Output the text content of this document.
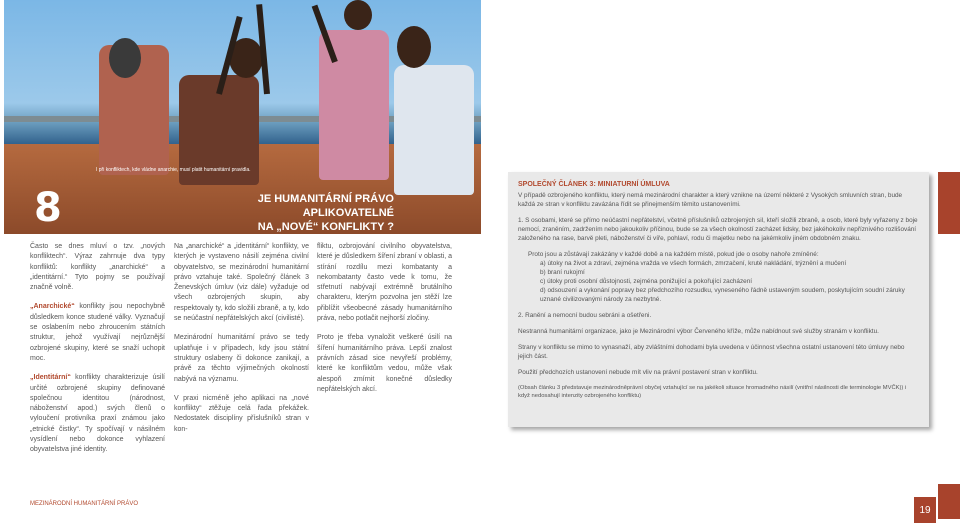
I při konfliktech, kde vládne anarchie, musí platit humanitární pravidla.
8	JE HUMANITÁRNÍ PRÁVO APLIKOVATELNÉ
NA „NOVÉ“ KONFLIKTY ?

Často se dnes mluví o tzv. „nových konfliktech“. Výraz zahrnuje dva typy konfliktů: konflikty „anarchické“ a „identitární.“ Tyto pojmy se používají značně volně.

„Anarchické“ konflikty jsou nepochybně důsledkem konce studené války. Vyznačují se oslabením nebo zhroucením státních struktur, jehož využívají nejrůznější ozbrojené skupiny, které se snaží uchopit moc.

„Identitární“ konflikty charakterizuje úsilí určité ozbrojené skupiny definované společnou identitou (národnost, náboženství apod.) svých členů o vyloučení protivníka praxí známou jako „etnické čistky“. Ty spočívají v násilném vysídlení nebo dokonce vyhlazení obyvatelstva jiné identity.

Na „anarchické“ a „identitární“ konflikty, ve kterých je vystaveno násilí zejména civilní obyvatelstvo, se mezinárodní humanitární právo vztahuje také. Společný článek 3 Ženevských úmluv (viz dále) vyžaduje od všech ozbrojených skupin, aby respektovaly ty, kdo složili zbraně, a ty, kdo se neúčastní nepřátelských akcí (civilisté).

Mezinárodní humanitární právo se tedy uplatňuje i v případech, kdy jsou státní struktury oslabeny či dokonce zanikají, a právě za těchto výjimečných okolností nabývá na významu.

V praxi nicméně jeho aplikaci na „nové konflikty“ ztěžuje celá řada překážek. Nedostatek disciplíny příslušníků stran v kon-

fliktu, ozbrojování civilního obyvatelstva, které je důsledkem šíření zbraní v oblasti, a stírání rozdílu mezi kombatanty a nekombatanty často vede k tomu, že střetnutí nabývají extrémně brutálního charakteru, kterým pozvolna jen stěží lze přiblížit všeobecné zásady humanitárního práva, nebo potlačit nejhorší zločiny.

Proto je třeba vynaložit veškeré úsilí na šíření humanitárního práva. Lepší znalost právních zásad sice nevyřeší problémy, které ke konfliktům vedou, může však alespoň zmírnit konečné důsledky nepřátelských akcí.

MEZINÁRODNÍ HUMANITÁRNÍ PRÁVO
SPOLEČNÝ ČLÁNEK 3: MINIATURNÍ ÚMLUVA

V případě ozbrojeného konfliktu, který nemá mezinárodní charakter a který vznikne na území některé z Vysokých smluvních stran, bude každá ze stran v konfliktu zavázána řídit se přinejmenším těmito ustanoveními.

1. S osobami, které se přímo neúčastní nepřátelství, včetně příslušníků ozbrojených sil, kteří složili zbraně, a osob, které byly vyřazeny z boje nemocí, zraněním, zadržením nebo jakoukoliv příčinou, bude se za všech okolností zacházet lidsky, bez jakéhokoliv nepříznivého rozlišování založeného na rase, barvě pleti, náboženství či víře, pohlaví, rodu či majetku nebo na jakémkoliv jiném obdobném znaku.

Proto jsou a zůstávají zakázány v každé době a na každém místě, pokud jde o osoby nahoře zmíněné:
a) útoky na život a zdraví, zejména vražda ve všech formách, zmrzačení, kruté nakládání, trýznění a mučení
b) braní rukojmí
c) útoky proti osobní důstojnosti, zejména ponižující a pokořující zacházení
d) odsouzení a vykonání popravy bez předchozího rozsudku, vyneseného řádně ustaveným soudem, poskytujícím soudní záruky uznané civilizovanými národy za nezbytné.

2. Ranění a nemocní budou sebráni a ošetřeni.

Nestranná humanitární organizace, jako je Mezinárodní výbor Červeného kříže, může nabídnout své služby stranám v konfliktu.

Strany v konfliktu se mimo to vynasnaží, aby zvláštními dohodami byla uvedena v účinnost všechna ostatní ustanovení této úmluvy nebo jejich část.

Použití předchozích ustanovení nebude mít vliv na právní postavení stran v konfliktu.

(Obsah článku 3 představuje mezinárodněprávní obyčej vztahující se na jakékoli situace hromadného násilí (vnitřní násilnosti dle terminologie MVČK)) i když nedosahují intenzity ozbrojeného konfliktu)

19
